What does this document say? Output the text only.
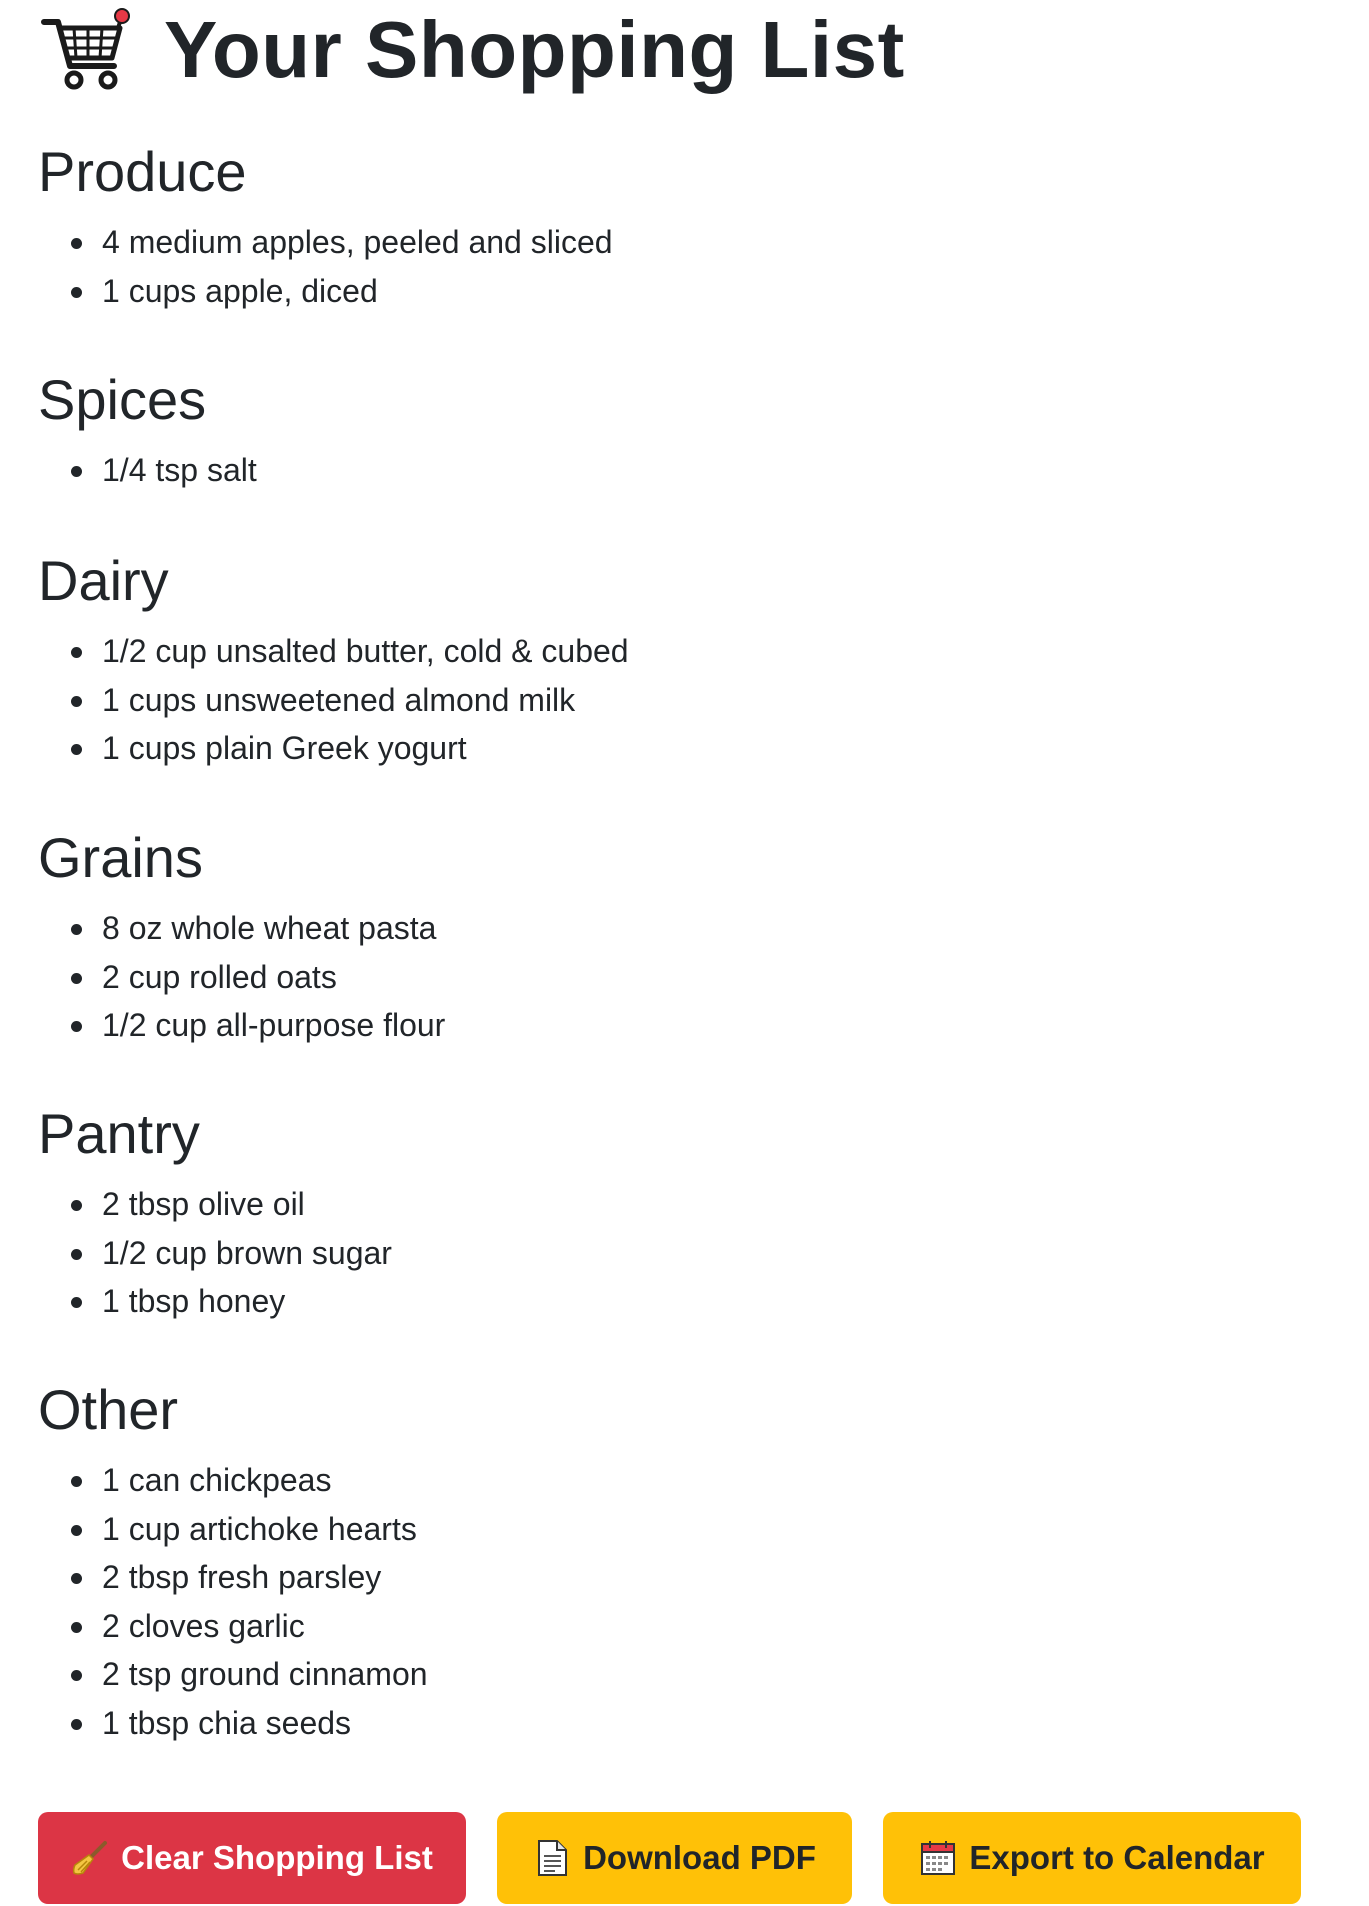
Your Shopping List
Produce
4 medium apples, peeled and sliced
1 cups apple, diced
Spices
1/4 tsp salt
Dairy
1/2 cup unsalted butter, cold & cubed
1 cups unsweetened almond milk
1 cups plain Greek yogurt
Grains
8 oz whole wheat pasta
2 cup rolled oats
1/2 cup all-purpose flour
Pantry
2 tbsp olive oil
1/2 cup brown sugar
1 tbsp honey
Other
1 can chickpeas
1 cup artichoke hearts
2 tbsp fresh parsley
2 cloves garlic
2 tsp ground cinnamon
1 tbsp chia seeds
Clear Shopping List	Download PDF	Export to Calendar
